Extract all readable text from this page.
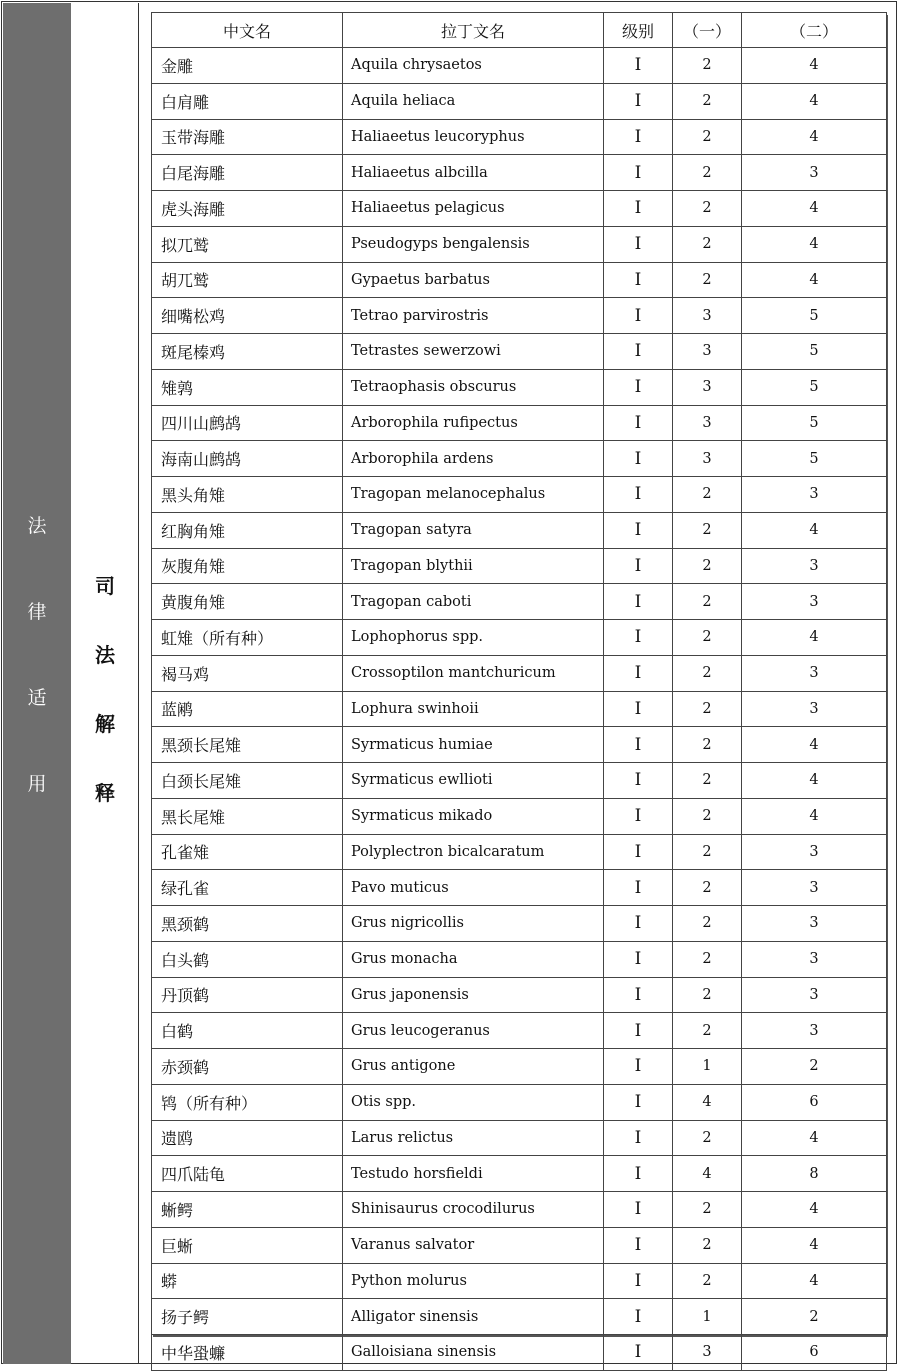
法
律
适
用
司
法
解
释
中文名	拉丁文名	级别	（一）	（二）
金雕	Aquila chrysaetos	Ⅰ	2	4
白肩雕	Aquila heliaca	Ⅰ	2	4
玉带海雕	Haliaeetus leucoryphus	Ⅰ	2	4
白尾海雕	Haliaeetus albcilla	Ⅰ	2	3
虎头海雕	Haliaeetus pelagicus	Ⅰ	2	4
拟兀鹫	Pseudogyps bengalensis	Ⅰ	2	4
胡兀鹫	Gypaetus barbatus	Ⅰ	2	4
细嘴松鸡	Tetrao parvirostris	Ⅰ	3	5
斑尾榛鸡	Tetrastes sewerzowi	Ⅰ	3	5
雉鹑	Tetraophasis obscurus	Ⅰ	3	5
四川山鹧鸪	Arborophila rufipectus	Ⅰ	3	5
海南山鹧鸪	Arborophila ardens	Ⅰ	3	5
黑头角雉	Tragopan melanocephalus	Ⅰ	2	3
红胸角雉	Tragopan satyra	Ⅰ	2	4
灰腹角雉	Tragopan blythii	Ⅰ	2	3
黄腹角雉	Tragopan caboti	Ⅰ	2	3
虹雉（所有种）	Lophophorus spp.	Ⅰ	2	4
褐马鸡	Crossoptilon mantchuricum	Ⅰ	2	3
蓝鹇	Lophura swinhoii	Ⅰ	2	3
黑颈长尾雉	Syrmaticus humiae	Ⅰ	2	4
白颈长尾雉	Syrmaticus ewllioti	Ⅰ	2	4
黑长尾雉	Syrmaticus mikado	Ⅰ	2	4
孔雀雉	Polyplectron bicalcaratum	Ⅰ	2	3
绿孔雀	Pavo muticus	Ⅰ	2	3
黑颈鹤	Grus nigricollis	Ⅰ	2	3
白头鹤	Grus monacha	Ⅰ	2	3
丹顶鹤	Grus japonensis	Ⅰ	2	3
白鹤	Grus leucogeranus	Ⅰ	2	3
赤颈鹤	Grus antigone	Ⅰ	1	2
鸨（所有种）	Otis spp.	Ⅰ	4	6
遗鸥	Larus relictus	Ⅰ	2	4
四爪陆龟	Testudo horsfieldi	Ⅰ	4	8
蜥鳄	Shinisaurus crocodilurus	Ⅰ	2	4
巨蜥	Varanus salvator	Ⅰ	2	4
蟒	Python molurus	Ⅰ	2	4
扬子鳄	Alligator sinensis	Ⅰ	1	2
中华蛩蠊	Galloisiana sinensis	Ⅰ	3	6
